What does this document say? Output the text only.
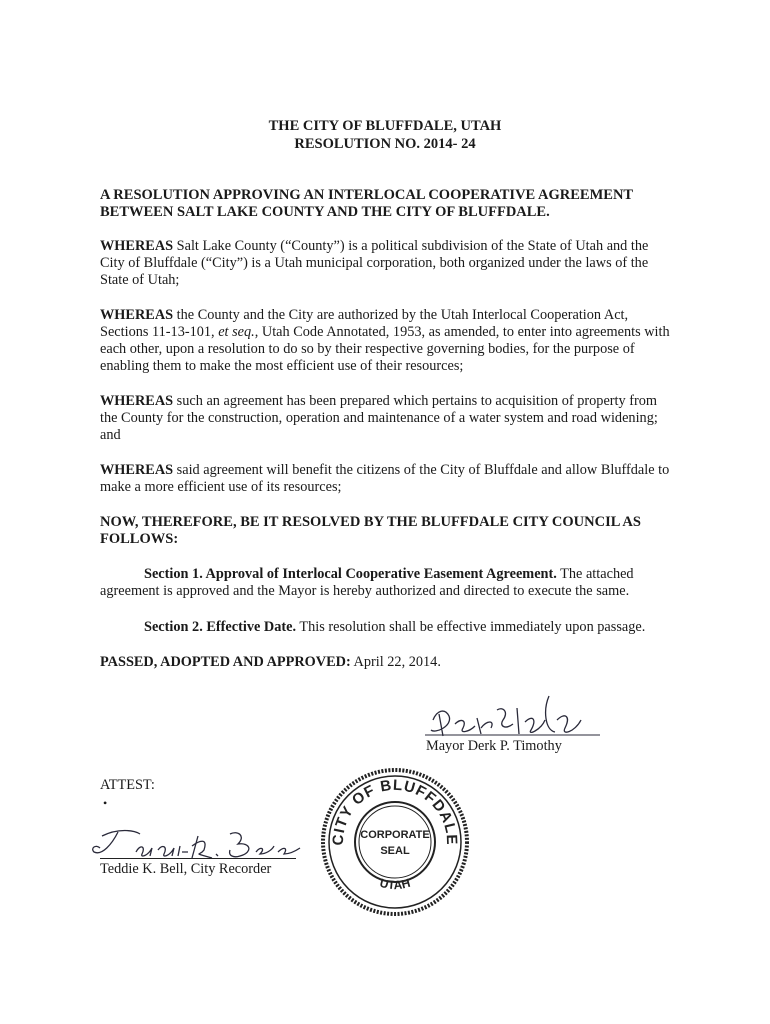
THE CITY OF BLUFFDALE, UTAH
RESOLUTION NO. 2014- 24
A RESOLUTION APPROVING AN INTERLOCAL COOPERATIVE AGREEMENT
BETWEEN SALT LAKE COUNTY AND THE CITY OF BLUFFDALE.
WHEREAS Salt Lake County (“County”) is a political subdivision of the State of Utah and the City of Bluffdale (“City”) is a Utah municipal corporation, both organized under the laws of the State of Utah;
WHEREAS the County and the City are authorized by the Utah Interlocal Cooperation Act, Sections 11-13-101, et seq., Utah Code Annotated, 1953, as amended, to enter into agreements with each other, upon a resolution to do so by their respective governing bodies, for the purpose of enabling them to make the most efficient use of their resources;
WHEREAS such an agreement has been prepared which pertains to acquisition of property from the County for the construction, operation and maintenance of a water system and road widening; and
WHEREAS said agreement will benefit the citizens of the City of Bluffdale and allow Bluffdale to make a more efficient use of its resources;
NOW, THEREFORE, BE IT RESOLVED BY THE BLUFFDALE CITY COUNCIL AS FOLLOWS:
Section 1. Approval of Interlocal Cooperative Easement Agreement. The attached agreement is approved and the Mayor is hereby authorized and directed to execute the same.
Section 2. Effective Date. This resolution shall be effective immediately upon passage.
PASSED, ADOPTED AND APPROVED: April 22, 2014.
Mayor Derk P. Timothy
ATTEST:
•
Teddie K. Bell, City Recorder
CITY OF BLUFFDALE
CORPORATE
SEAL
UTAH
